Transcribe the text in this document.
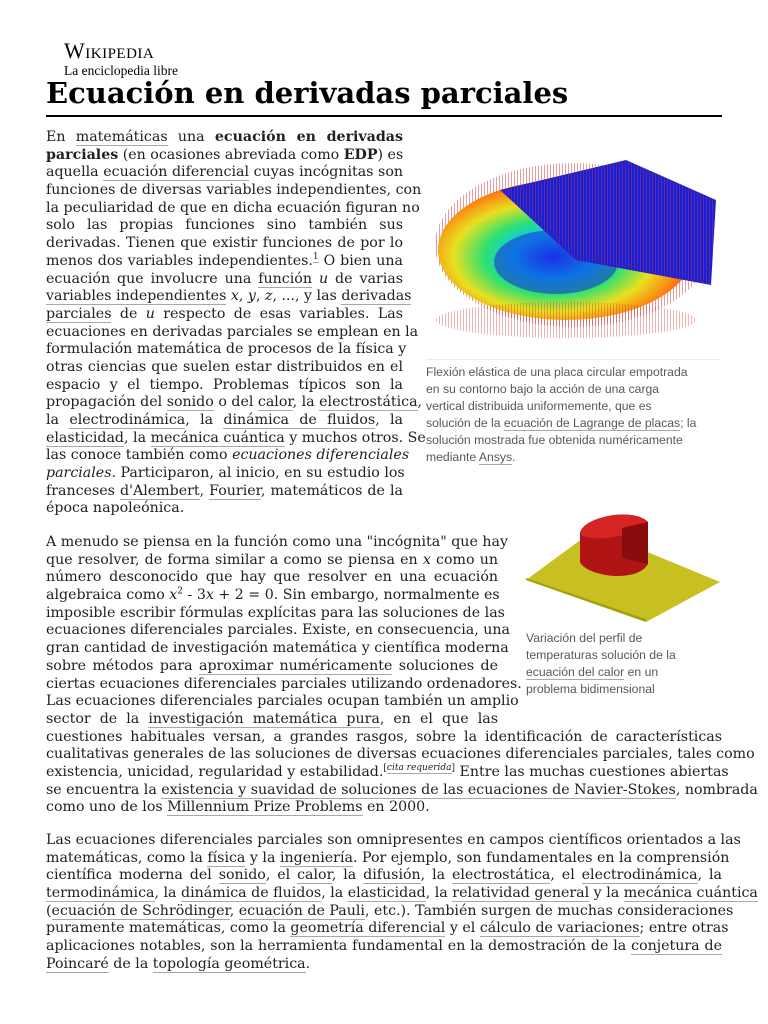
Wikipedia
La enciclopedia libre
Ecuación en derivadas parciales
En matemáticas una ecuación en derivadas
parciales (en ocasiones abreviada como EDP) es
aquella ecuación diferencial cuyas incógnitas son
funciones de diversas variables independientes, con
la peculiaridad de que en dicha ecuación figuran no
solo las propias funciones sino también sus
derivadas. Tienen que existir funciones de por lo
menos dos variables independientes.$^1$ O bien una
ecuación que involucre una función u de varias
variables independientes x, y, z, ..., y las derivadas
parciales de u respecto de esas variables. Las
ecuaciones en derivadas parciales se emplean en la
formulación matemática de procesos de la física y
otras ciencias que suelen estar distribuidos en el
espacio y el tiempo. Problemas típicos son la
propagación del sonido o del calor, la electrostática,
la electrodinámica, la dinámica de fluidos, la
elasticidad, la mecánica cuántica y muchos otros. Se
las conoce también como ecuaciones diferenciales
parciales. Participaron, al inicio, en su estudio los
franceses d'Alembert, Fourier, matemáticos de la
época napoleónica.
Flexión elástica de una placa circular empotrada
en su contorno bajo la acción de una carga
vertical distribuida uniformemente, que es
solución de la ecuación de Lagrange de placas; la
solución mostrada fue obtenida numéricamente
mediante Ansys.
Variación del perfil de
temperaturas solución de la
ecuación del calor en un
problema bidimensional
A menudo se piensa en la función como una "incógnita" que hay
que resolver, de forma similar a como se piensa en x como un
número desconocido que hay que resolver en una ecuación
algebraica como $x^2 - 3x + 2 = 0$. Sin embargo, normalmente es
imposible escribir fórmulas explícitas para las soluciones de las
ecuaciones diferenciales parciales. Existe, en consecuencia, una
gran cantidad de investigación matemática y científica moderna
sobre métodos para aproximar numéricamente soluciones de
ciertas ecuaciones diferenciales parciales utilizando ordenadores.
Las ecuaciones diferenciales parciales ocupan también un amplio
sector de la investigación matemática pura, en el que las
cuestiones habituales versan, a grandes rasgos, sobre la identificación de características
cualitativas generales de las soluciones de diversas ecuaciones diferenciales parciales, tales como
existencia, unicidad, regularidad y estabilidad.[cita requerida] Entre las muchas cuestiones abiertas
se encuentra la existencia y suavidad de soluciones de las ecuaciones de Navier-Stokes, nombrada
como uno de los Millennium Prize Problems en 2000.
Las ecuaciones diferenciales parciales son omnipresentes en campos científicos orientados a las
matemáticas, como la física y la ingeniería. Por ejemplo, son fundamentales en la comprensión
científica moderna del sonido, el calor, la difusión, la electrostática, el electrodinámica, la
termodinámica, la dinámica de fluidos, la elasticidad, la relatividad general y la mecánica cuántica
(ecuación de Schrödinger, ecuación de Pauli, etc.). También surgen de muchas consideraciones
puramente matemáticas, como la geometría diferencial y el cálculo de variaciones; entre otras
aplicaciones notables, son la herramienta fundamental en la demostración de la conjetura de
Poincaré de la topología geométrica.
